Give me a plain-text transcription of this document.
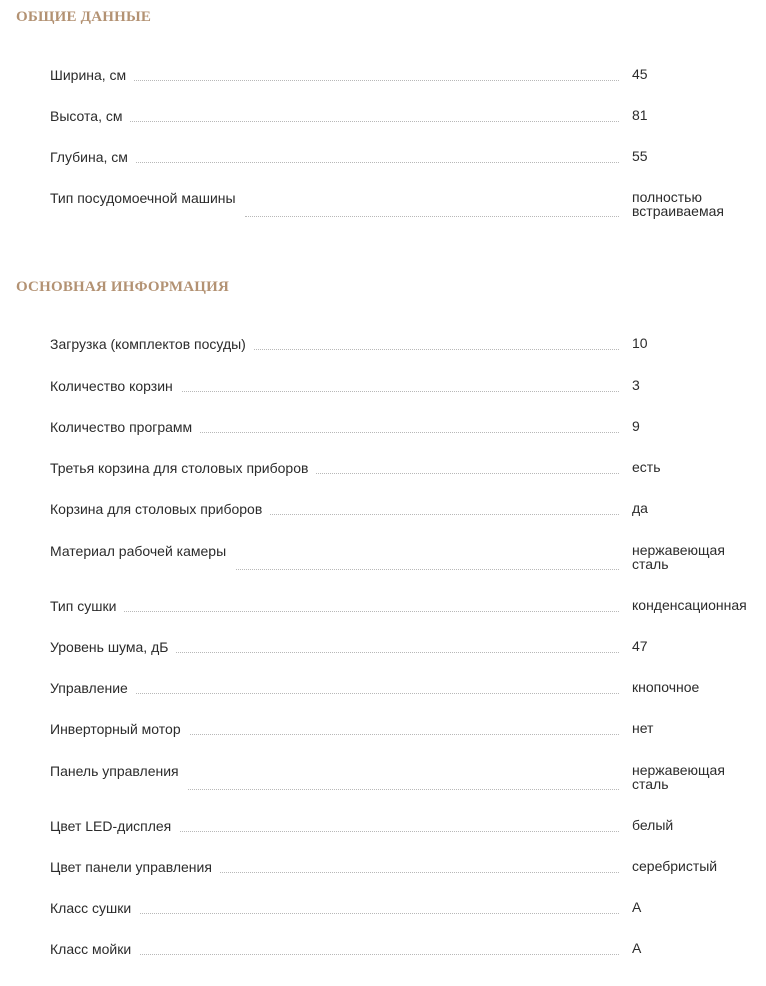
ОБЩИЕ ДАННЫЕ
Ширина, см	45
Высота, см	81
Глубина, см	55
Тип посудомоечной машины	полностью встраиваемая
ОСНОВНАЯ ИНФОРМАЦИЯ
Загрузка (комплектов посуды)	10
Количество корзин	3
Количество программ	9
Третья корзина для столовых приборов	есть
Корзина для столовых приборов	да
Материал рабочей камеры	нержавеющая сталь
Тип сушки	конденсационная
Уровень шума, дБ	47
Управление	кнопочное
Инверторный мотор	нет
Панель управления	нержавеющая сталь
Цвет LED-дисплея	белый
Цвет панели управления	серебристый
Класс сушки	A
Класс мойки	A
